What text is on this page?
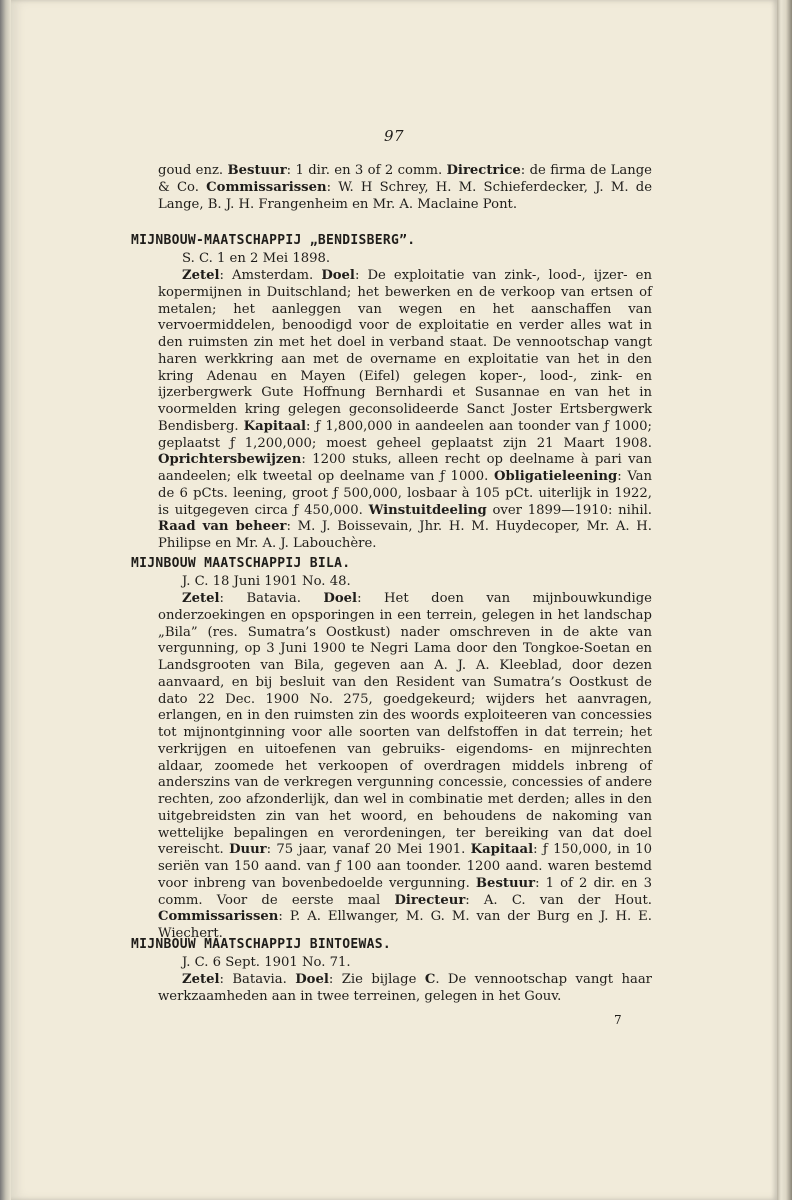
97

goud enz. Bestuur: 1 dir. en 3 of 2 comm. Directrice: de firma de Lange & Co. Commissarissen: W. H Schrey, H. M. Schieferdecker, J. M. de Lange, B. J. H. Frangenheim en Mr. A. Maclaine Pont.

MIJNBOUW-MAATSCHAPPIJ „BENDISBERG”.
S. C. 1 en 2 Mei 1898.

Zetel: Amsterdam. Doel: De exploitatie van zink-, lood-, ijzer- en kopermijnen in Duitschland; het bewerken en de verkoop van ertsen of metalen; het aanleggen van wegen en het aanschaffen van vervoermiddelen, benoodigd voor de exploitatie en verder alles wat in den ruimsten zin met het doel in verband staat. De vennootschap vangt haren werkkring aan met de overname en exploitatie van het in den kring Adenau en Mayen (Eifel) gelegen koper-, lood-, zink- en ijzerbergwerk Gute Hoffnung Bernhardi et Susannae en van het in voormelden kring gelegen geconsolideerde Sanct Joster Ertsbergwerk Bendisberg. Kapitaal: ƒ 1,800,000 in aandeelen aan toonder van ƒ 1000; geplaatst ƒ 1,200,000; moest geheel geplaatst zijn 21 Maart 1908. Oprichtersbewijzen: 1200 stuks, alleen recht op deelname à pari van aandeelen; elk tweetal op deelname van ƒ 1000. Obligatieleening: Van de 6 pCts. leening, groot ƒ 500,000, losbaar à 105 pCt. uiterlijk in 1922, is uitgegeven circa ƒ 450,000. Winstuitdeeling over 1899—1910: nihil. Raad van beheer: M. J. Boissevain, Jhr. H. M. Huydecoper, Mr. A. H. Philipse en Mr. A. J. Labouchère.

MIJNBOUW MAATSCHAPPIJ BILA.
J. C. 18 Juni 1901 No. 48.

Zetel: Batavia. Doel: Het doen van mijnbouwkundige onderzoekingen en opsporingen in een terrein, gelegen in het landschap „Bila” (res. Sumatra’s Oostkust) nader omschreven in de akte van vergunning, op 3 Juni 1900 te Negri Lama door den Tongkoe-Soetan en Landsgrooten van Bila, gegeven aan A. J. A. Kleeblad, door dezen aanvaard, en bij besluit van den Resident van Sumatra’s Oostkust de dato 22 Dec. 1900 No. 275, goedgekeurd; wijders het aanvragen, erlangen, en in den ruimsten zin des woords exploiteeren van concessies tot mijnontginning voor alle soorten van delfstoffen in dat terrein; het verkrijgen en uitoefenen van gebruiks- eigendoms- en mijnrechten aldaar, zoomede het verkoopen of overdragen middels inbreng of anderszins van de verkregen vergunning concessie, concessies of andere rechten, zoo afzonderlijk, dan wel in combinatie met derden; alles in den uitgebreidsten zin van het woord, en behoudens de nakoming van wettelijke bepalingen en verordeningen, ter bereiking van dat doel vereischt. Duur: 75 jaar, vanaf 20 Mei 1901. Kapitaal: ƒ 150,000, in 10 seriën van 150 aand. van ƒ 100 aan toonder. 1200 aand. waren bestemd voor inbreng van bovenbedoelde vergunning. Bestuur: 1 of 2 dir. en 3 comm. Voor de eerste maal Directeur: A. C. van der Hout. Commissarissen: P. A. Ellwanger, M. G. M. van der Burg en J. H. E. Wiechert.

MIJNBOUW MAATSCHAPPIJ BINTOEWAS.
J. C. 6 Sept. 1901 No. 71.

Zetel: Batavia. Doel: Zie bijlage C. De vennootschap vangt haar werkzaamheden aan in twee terreinen, gelegen in het Gouv.

7
